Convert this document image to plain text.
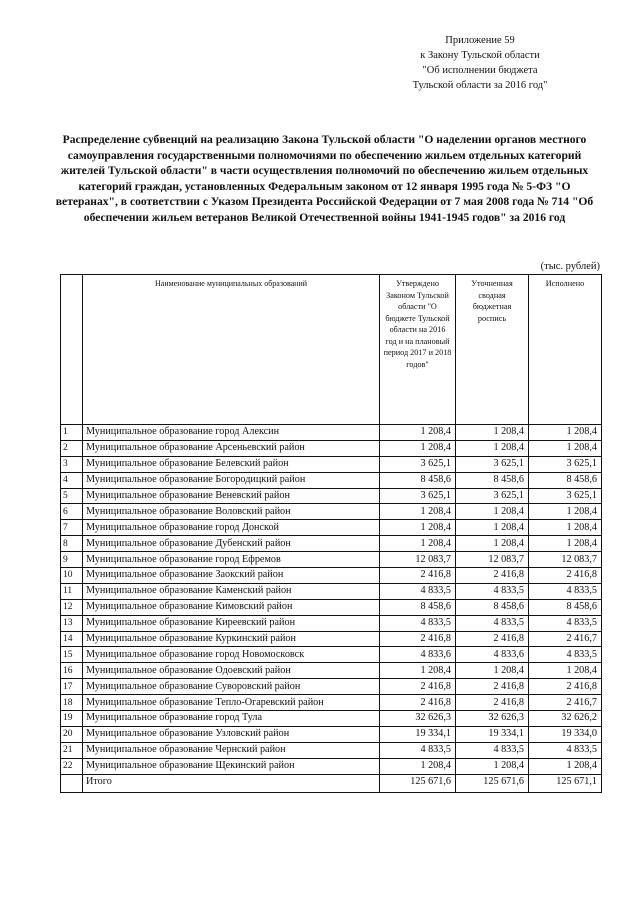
Приложение 59
к Закону Тульской области
"Об исполнении бюджета
Тульской области за 2016 год"
Распределение субвенций на реализацию Закона Тульской области "О наделении органов местного самоуправления государственными полномочиями по обеспечению жильем отдельных категорий жителей Тульской области" в части осуществления полномочий по обеспечению жильем отдельных категорий граждан, установленных Федеральным законом от 12 января 1995 года № 5-ФЗ "О ветеранах", в соответствии с Указом Президента Российской Федерации от 7 мая 2008 года № 714 "Об обеспечении жильем ветеранов Великой Отечественной войны 1941-1945 годов" за 2016 год
(тыс. рублей)
	Наименование муниципальных образований	Утверждено Законом Тульской области "О бюджете Тульской области на 2016 год и на плановый период 2017 и 2018 годов"	Уточненная сводная бюджетная роспись	Исполнено
1	Муниципальное образование город Алексин	1 208,4	1 208,4	1 208,4
2	Муниципальное образование Арсеньевский район	1 208,4	1 208,4	1 208,4
3	Муниципальное образование Белевский район	3 625,1	3 625,1	3 625,1
4	Муниципальное образование Богородицкий район	8 458,6	8 458,6	8 458,6
5	Муниципальное образование Веневский район	3 625,1	3 625,1	3 625,1
6	Муниципальное образование Воловский район	1 208,4	1 208,4	1 208,4
7	Муниципальное образование город Донской	1 208,4	1 208,4	1 208,4
8	Муниципальное образование Дубенский район	1 208,4	1 208,4	1 208,4
9	Муниципальное образование город Ефремов	12 083,7	12 083,7	12 083,7
10	Муниципальное образование Заокский район	2 416,8	2 416,8	2 416,8
11	Муниципальное образование Каменский район	4 833,5	4 833,5	4 833,5
12	Муниципальное образование Кимовский район	8 458,6	8 458,6	8 458,6
13	Муниципальное образование Киреевский район	4 833,5	4 833,5	4 833,5
14	Муниципальное образование Куркинский район	2 416,8	2 416,8	2 416,7
15	Муниципальное образование город Новомосковск	4 833,6	4 833,6	4 833,5
16	Муниципальное образование Одоевский район	1 208,4	1 208,4	1 208,4
17	Муниципальное образование Суворовский район	2 416,8	2 416,8	2 416,8
18	Муниципальное образование Тепло-Огаревский район	2 416,8	2 416,8	2 416,7
19	Муниципальное образование город Тула	32 626,3	32 626,3	32 626,2
20	Муниципальное образование Узловский район	19 334,1	19 334,1	19 334,0
21	Муниципальное образование Чернский район	4 833,5	4 833,5	4 833,5
22	Муниципальное образование Щекинский район	1 208,4	1 208,4	1 208,4
	Итого	125 671,6	125 671,6	125 671,1
